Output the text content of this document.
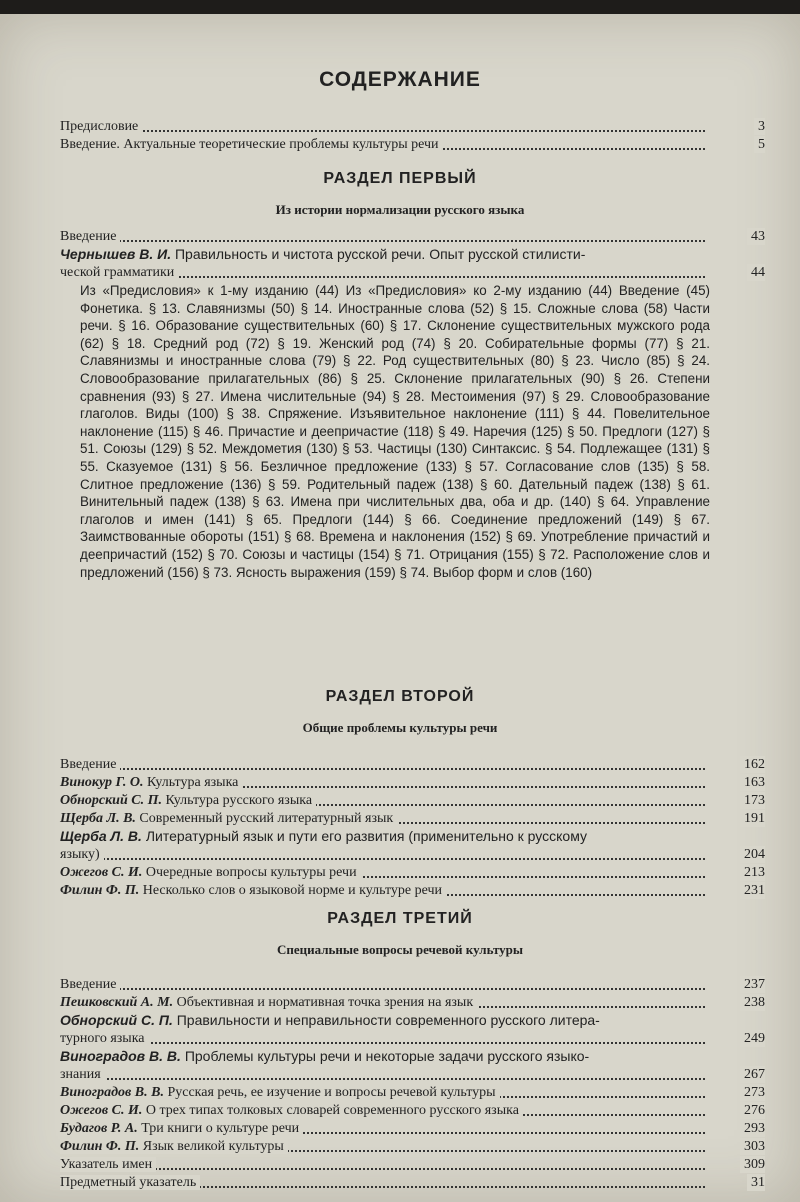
СОДЕРЖАНИЕ
Предисловие	3
Введение. Актуальные теоретические проблемы культуры речи	5
РАЗДЕЛ ПЕРВЫЙ
Из истории нормализации русского языка
Введение	43
Чернышев В. И. Правильность и чистота русской речи. Опыт русской стилисти-
ческой грамматики	44
Из «Предисловия» к 1-му изданию (44) Из «Предисловия» ко 2-му изданию (44) Введение (45) Фонетика. § 13. Славянизмы (50) § 14. Иностранные слова (52) § 15. Сложные слова (58) Части речи. § 16. Образование существительных (60) § 17. Склонение существительных мужского рода (62) § 18. Средний род (72) § 19. Женский род (74) § 20. Собирательные формы (77) § 21. Славянизмы и иностранные слова (79) § 22. Род существительных (80) § 23. Число (85) § 24. Словообразование прилагательных (86) § 25. Склонение прилагательных (90) § 26. Степени сравнения (93) § 27. Имена числительные (94) § 28. Местоимения (97) § 29. Словообразование глаголов. Виды (100) § 38. Спряжение. Изъявительное наклонение (111) § 44. Повелительное наклонение (115) § 46. Причастие и деепричастие (118) § 49. Наречия (125) § 50. Предлоги (127) § 51. Союзы (129) § 52. Междометия (130) § 53. Частицы (130) Синтаксис. § 54. Подлежащее (131) § 55. Сказуемое (131) § 56. Безличное предложение (133) § 57. Согласование слов (135) § 58. Слитное предложение (136) § 59. Родительный падеж (138) § 60. Дательный падеж (138) § 61. Винительный падеж (138) § 63. Имена при числительных два, оба и др. (140) § 64. Управление глаголов и имен (141) § 65. Предлоги (144) § 66. Соединение предложений (149) § 67. Заимствованные обороты (151) § 68. Времена и наклонения (152) § 69. Употребление причастий и деепричастий (152) § 70. Союзы и частицы (154) § 71. Отрицания (155) § 72. Расположение слов и предложений (156) § 73. Ясность выражения (159) § 74. Выбор форм и слов (160)
РАЗДЕЛ ВТОРОЙ
Общие проблемы культуры речи
Введение	162
Винокур Г. О. Культура языка	163
Обнорский С. П. Культура русского языка	173
Щерба Л. В. Современный русский литературный язык	191
Щерба Л. В. Литературный язык и пути его развития (применительно к русскому
языку)	204
Ожегов С. И. Очередные вопросы культуры речи	213
Филин Ф. П. Несколько слов о языковой норме и культуре речи	231
РАЗДЕЛ ТРЕТИЙ
Специальные вопросы речевой культуры
Введение	237
Пешковский А. М. Объективная и нормативная точка зрения на язык	238
Обнорский С. П. Правильности и неправильности современного русского литера-
турного языка	249
Виноградов В. В. Проблемы культуры речи и некоторые задачи русского языко-
знания	267
Виноградов В. В. Русская речь, ее изучение и вопросы речевой культуры	273
Ожегов С. И. О трех типах толковых словарей современного русского языка	276
Будагов Р. А. Три книги о культуре речи	293
Филин Ф. П. Язык великой культуры	303
Указатель имен	309
Предметный указатель	31
